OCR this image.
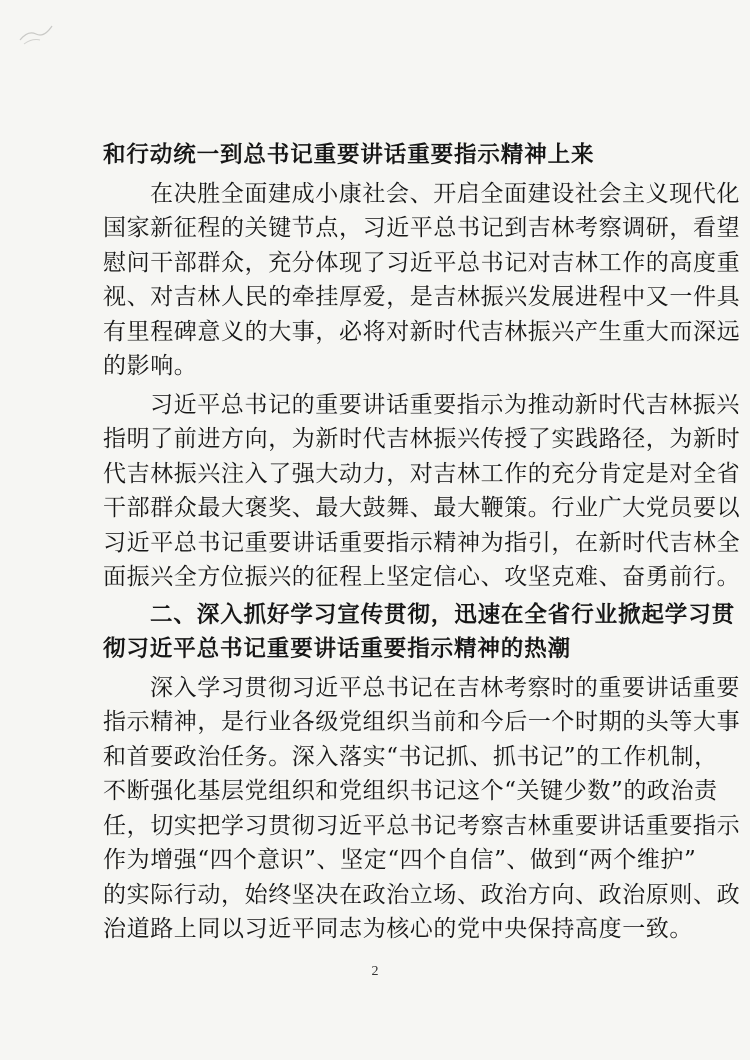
和行动统一到总书记重要讲话重要指示精神上来
在决胜全面建成小康社会、开启全面建设社会主义现代化
国家新征程的关键节点，习近平总书记到吉林考察调研，看望
慰问干部群众，充分体现了习近平总书记对吉林工作的高度重
视、对吉林人民的牵挂厚爱，是吉林振兴发展进程中又一件具
有里程碑意义的大事，必将对新时代吉林振兴产生重大而深远
的影响。
习近平总书记的重要讲话重要指示为推动新时代吉林振兴
指明了前进方向，为新时代吉林振兴传授了实践路径，为新时
代吉林振兴注入了强大动力，对吉林工作的充分肯定是对全省
干部群众最大褒奖、最大鼓舞、最大鞭策。行业广大党员要以
习近平总书记重要讲话重要指示精神为指引，在新时代吉林全
面振兴全方位振兴的征程上坚定信心、攻坚克难、奋勇前行。
二、深入抓好学习宣传贯彻，迅速在全省行业掀起学习贯
彻习近平总书记重要讲话重要指示精神的热潮
深入学习贯彻习近平总书记在吉林考察时的重要讲话重要
指示精神，是行业各级党组织当前和今后一个时期的头等大事
和首要政治任务。深入落实“书记抓、抓书记”的工作机制，
不断强化基层党组织和党组织书记这个“关键少数”的政治责
任，切实把学习贯彻习近平总书记考察吉林重要讲话重要指示
作为增强“四个意识”、坚定“四个自信”、做到“两个维护”
的实际行动，始终坚决在政治立场、政治方向、政治原则、政
治道路上同以习近平同志为核心的党中央保持高度一致。
2
